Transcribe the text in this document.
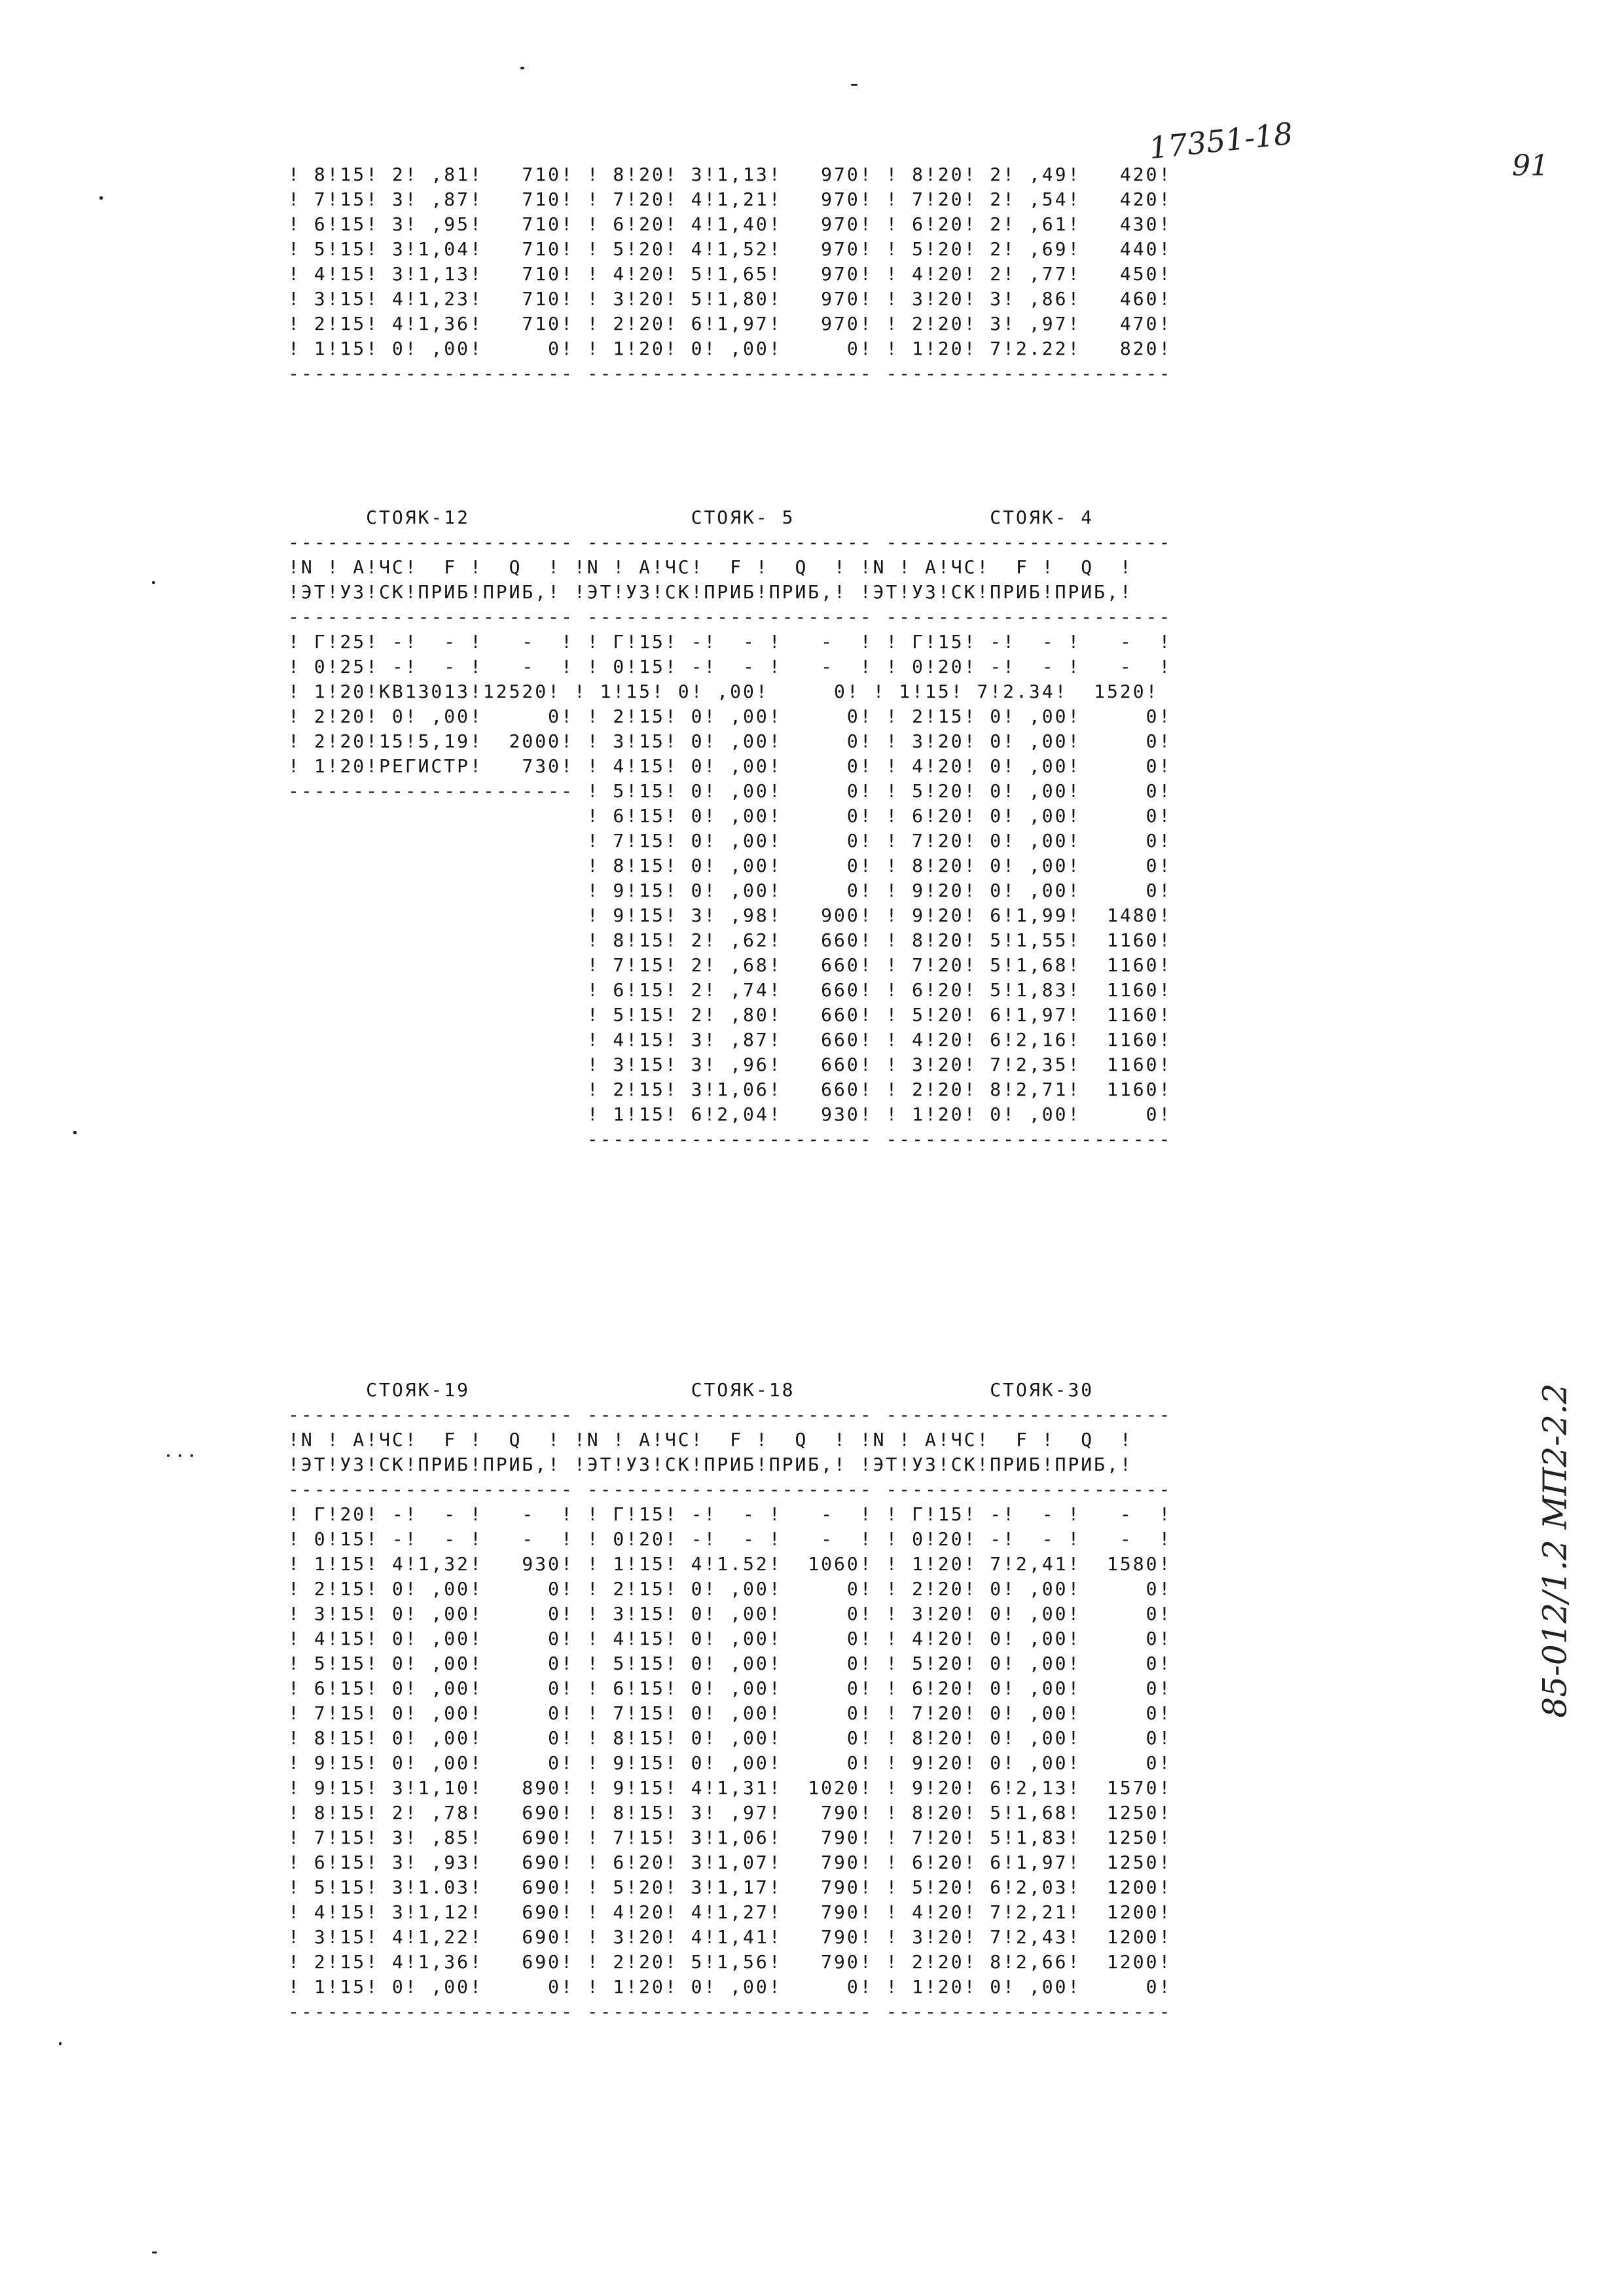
17351-18
91
85-012/1.2 МП2-2.2
! 8!15! 2! ,81!   710! ! 8!20! 3!1,13!   970! ! 8!20! 2! ,49!   420!
! 7!15! 3! ,87!   710! ! 7!20! 4!1,21!   970! ! 7!20! 2! ,54!   420!
! 6!15! 3! ,95!   710! ! 6!20! 4!1,40!   970! ! 6!20! 2! ,61!   430!
! 5!15! 3!1,04!   710! ! 5!20! 4!1,52!   970! ! 5!20! 2! ,69!   440!
! 4!15! 3!1,13!   710! ! 4!20! 5!1,65!   970! ! 4!20! 2! ,77!   450!
! 3!15! 4!1,23!   710! ! 3!20! 5!1,80!   970! ! 3!20! 3! ,86!   460!
! 2!15! 4!1,36!   710! ! 2!20! 6!1,97!   970! ! 2!20! 3! ,97!   470!
! 1!15! 0! ,00!     0! ! 1!20! 0! ,00!     0! ! 1!20! 7!2.22!   820!
---------------------- ---------------------- ----------------------
СТОЯК-12                 СТОЯК- 5               СТОЯК- 4
---------------------- ---------------------- ----------------------
!N ! А!ЧС!  F !  Q  ! !N ! А!ЧС!  F !  Q  ! !N ! А!ЧС!  F !  Q  !
!ЭТ!УЗ!СК!ПРИБ!ПРИБ,! !ЭТ!УЗ!СК!ПРИБ!ПРИБ,! !ЭТ!УЗ!СК!ПРИБ!ПРИБ,!
---------------------- ---------------------- ----------------------
! Г!25! -!  - !   -  ! ! Г!15! -!  - !   -  ! ! Г!15! -!  - !   -  !
! 0!25! -!  - !   -  ! ! 0!15! -!  - !   -  ! ! 0!20! -!  - !   -  !
! 1!20!КВ1301З!12520! ! 1!15! 0! ,00!     0! ! 1!15! 7!2.34!  1520!
! 2!20! 0! ,00!     0! ! 2!15! 0! ,00!     0! ! 2!15! 0! ,00!     0!
! 2!20!15!5,19!  2000! ! 3!15! 0! ,00!     0! ! 3!20! 0! ,00!     0!
! 1!20!РЕГИСТР!   730! ! 4!15! 0! ,00!     0! ! 4!20! 0! ,00!     0!
---------------------- ! 5!15! 0! ,00!     0! ! 5!20! 0! ,00!     0!
! 6!15! 0! ,00!     0! ! 6!20! 0! ,00!     0!
! 7!15! 0! ,00!     0! ! 7!20! 0! ,00!     0!
! 8!15! 0! ,00!     0! ! 8!20! 0! ,00!     0!
! 9!15! 0! ,00!     0! ! 9!20! 0! ,00!     0!
! 9!15! 3! ,98!   900! ! 9!20! 6!1,99!  1480!
! 8!15! 2! ,62!   660! ! 8!20! 5!1,55!  1160!
! 7!15! 2! ,68!   660! ! 7!20! 5!1,68!  1160!
! 6!15! 2! ,74!   660! ! 6!20! 5!1,83!  1160!
! 5!15! 2! ,80!   660! ! 5!20! 6!1,97!  1160!
! 4!15! 3! ,87!   660! ! 4!20! 6!2,16!  1160!
! 3!15! 3! ,96!   660! ! 3!20! 7!2,35!  1160!
! 2!15! 3!1,06!   660! ! 2!20! 8!2,71!  1160!
! 1!15! 6!2,04!   930! ! 1!20! 0! ,00!     0!
---------------------- ----------------------
СТОЯК-19                 СТОЯК-18               СТОЯК-30
---------------------- ---------------------- ----------------------
!N ! А!ЧС!  F !  Q  ! !N ! А!ЧС!  F !  Q  ! !N ! А!ЧС!  F !  Q  !
!ЭТ!УЗ!СК!ПРИБ!ПРИБ,! !ЭТ!УЗ!СК!ПРИБ!ПРИБ,! !ЭТ!УЗ!СК!ПРИБ!ПРИБ,!
---------------------- ---------------------- ----------------------
! Г!20! -!  - !   -  ! ! Г!15! -!  - !   -  ! ! Г!15! -!  - !   -  !
! 0!15! -!  - !   -  ! ! 0!20! -!  - !   -  ! ! 0!20! -!  - !   -  !
! 1!15! 4!1,32!   930! ! 1!15! 4!1.52!  1060! ! 1!20! 7!2,41!  1580!
! 2!15! 0! ,00!     0! ! 2!15! 0! ,00!     0! ! 2!20! 0! ,00!     0!
! 3!15! 0! ,00!     0! ! 3!15! 0! ,00!     0! ! 3!20! 0! ,00!     0!
! 4!15! 0! ,00!     0! ! 4!15! 0! ,00!     0! ! 4!20! 0! ,00!     0!
! 5!15! 0! ,00!     0! ! 5!15! 0! ,00!     0! ! 5!20! 0! ,00!     0!
! 6!15! 0! ,00!     0! ! 6!15! 0! ,00!     0! ! 6!20! 0! ,00!     0!
! 7!15! 0! ,00!     0! ! 7!15! 0! ,00!     0! ! 7!20! 0! ,00!     0!
! 8!15! 0! ,00!     0! ! 8!15! 0! ,00!     0! ! 8!20! 0! ,00!     0!
! 9!15! 0! ,00!     0! ! 9!15! 0! ,00!     0! ! 9!20! 0! ,00!     0!
! 9!15! 3!1,10!   890! ! 9!15! 4!1,31!  1020! ! 9!20! 6!2,13!  1570!
! 8!15! 2! ,78!   690! ! 8!15! 3! ,97!   790! ! 8!20! 5!1,68!  1250!
! 7!15! 3! ,85!   690! ! 7!15! 3!1,06!   790! ! 7!20! 5!1,83!  1250!
! 6!15! 3! ,93!   690! ! 6!20! 3!1,07!   790! ! 6!20! 6!1,97!  1250!
! 5!15! 3!1.03!   690! ! 5!20! 3!1,17!   790! ! 5!20! 6!2,03!  1200!
! 4!15! 3!1,12!   690! ! 4!20! 4!1,27!   790! ! 4!20! 7!2,21!  1200!
! 3!15! 4!1,22!   690! ! 3!20! 4!1,41!   790! ! 3!20! 7!2,43!  1200!
! 2!15! 4!1,36!   690! ! 2!20! 5!1,56!   790! ! 2!20! 8!2,66!  1200!
! 1!15! 0! ,00!     0! ! 1!20! 0! ,00!     0! ! 1!20! 0! ,00!     0!
---------------------- ---------------------- ----------------------
